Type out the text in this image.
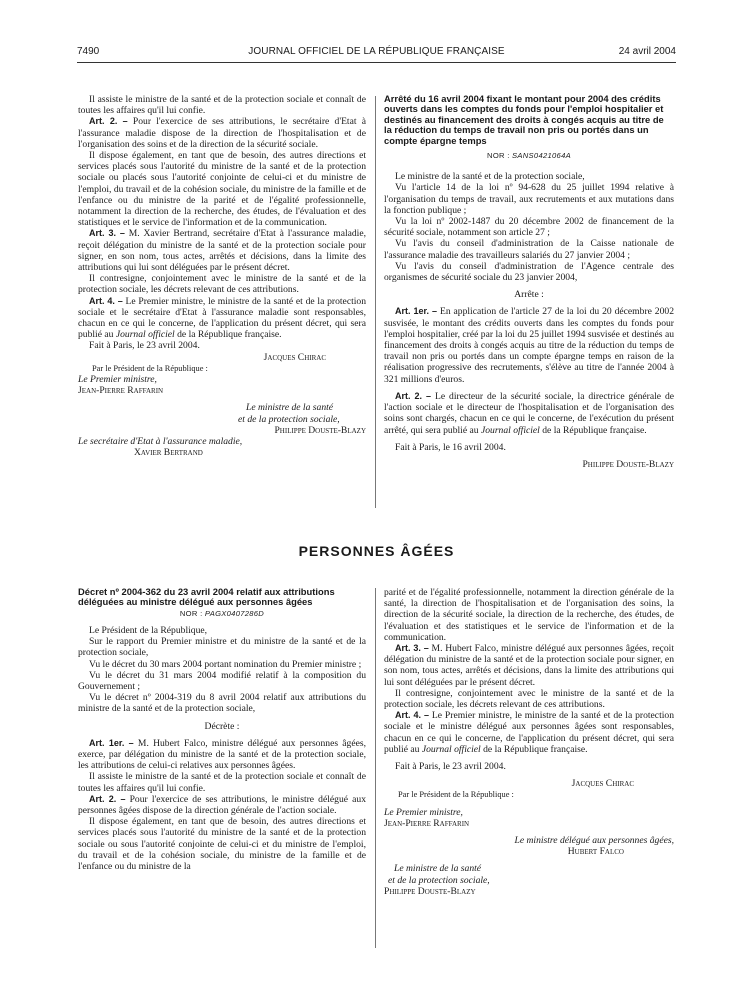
7490	JOURNAL OFFICIEL DE LA RÉPUBLIQUE FRANÇAISE	24 avril 2004

Il assiste le ministre de la santé et de la protection sociale et connaît de toutes les affaires qu'il lui confie.

Art. 2. – Pour l'exercice de ses attributions, le secrétaire d'Etat à l'assurance maladie dispose de la direction de l'hospitalisation et de l'organisation des soins et de la direction de la sécurité sociale.

Il dispose également, en tant que de besoin, des autres directions et services placés sous l'autorité du ministre de la santé et de la protection sociale ou placés sous l'autorité conjointe de celui-ci et du ministre de l'emploi, du travail et de la cohésion sociale, du ministre de la famille et de l'enfance ou du ministre de la parité et de l'égalité professionnelle, notamment la direction de la recherche, des études, de l'évaluation et des statistiques et le service de l'information et de la communication.

Art. 3. – M. Xavier Bertrand, secrétaire d'Etat à l'assurance maladie, reçoit délégation du ministre de la santé et de la protection sociale pour signer, en son nom, tous actes, arrêtés et décisions, dans la limite des attributions qui lui sont déléguées par le présent décret.

Il contresigne, conjointement avec le ministre de la santé et de la protection sociale, les décrets relevant de ces attributions.

Art. 4. – Le Premier ministre, le ministre de la santé et de la protection sociale et le secrétaire d'Etat à l'assurance maladie sont responsables, chacun en ce qui le concerne, de l'application du présent décret, qui sera publié au Journal officiel de la République française.

Fait à Paris, le 23 avril 2004.

Jacques Chirac

Par le Président de la République :

Le Premier ministre,

Jean-Pierre Raffarin

Le ministre de la santé

et de la protection sociale,

Philippe Douste-Blazy

Le secrétaire d'Etat à l'assurance maladie,

Xavier Bertrand

Arrêté du 16 avril 2004 fixant le montant pour 2004 des crédits ouverts dans les comptes du fonds pour l'emploi hospitalier et destinés au financement des droits à congés acquis au titre de la réduction du temps de travail non pris ou portés dans un compte épargne temps

NOR : SANS0421064A

Le ministre de la santé et de la protection sociale,

Vu l'article 14 de la loi nº 94-628 du 25 juillet 1994 relative à l'organisation du temps de travail, aux recrutements et aux mutations dans la fonction publique ;

Vu la loi nº 2002-1487 du 20 décembre 2002 de financement de la sécurité sociale, notamment son article 27 ;

Vu l'avis du conseil d'administration de la Caisse nationale de l'assurance maladie des travailleurs salariés du 27 janvier 2004 ;

Vu l'avis du conseil d'administration de l'Agence centrale des organismes de sécurité sociale du 23 janvier 2004,

Arrête :

Art. 1er. – En application de l'article 27 de la loi du 20 décembre 2002 susvisée, le montant des crédits ouverts dans les comptes du fonds pour l'emploi hospitalier, créé par la loi du 25 juillet 1994 susvisée et destinés au financement des droits à congés acquis au titre de la réduction du temps de travail non pris ou portés dans un compte épargne temps en raison de la réalisation progressive des recrutements, s'élève au titre de l'année 2004 à 321 millions d'euros.

Art. 2. – Le directeur de la sécurité sociale, la directrice générale de l'action sociale et le directeur de l'hospitalisation et de l'organisation des soins sont chargés, chacun en ce qui le concerne, de l'exécution du présent arrêté, qui sera publié au Journal officiel de la République française.

Fait à Paris, le 16 avril 2004.

Philippe Douste-Blazy

PERSONNES ÂGÉES

Décret nº 2004-362 du 23 avril 2004 relatif aux attributions déléguées au ministre délégué aux personnes âgées

NOR : PAGX0407286D

Le Président de la République,

Sur le rapport du Premier ministre et du ministre de la santé et de la protection sociale,

Vu le décret du 30 mars 2004 portant nomination du Premier ministre ;

Vu le décret du 31 mars 2004 modifié relatif à la composition du Gouvernement ;

Vu le décret nº 2004-319 du 8 avril 2004 relatif aux attributions du ministre de la santé et de la protection sociale,

Décrète :

Art. 1er. – M. Hubert Falco, ministre délégué aux personnes âgées, exerce, par délégation du ministre de la santé et de la protection sociale, les attributions de celui-ci relatives aux personnes âgées.

Il assiste le ministre de la santé et de la protection sociale et connaît de toutes les affaires qu'il lui confie.

Art. 2. – Pour l'exercice de ses attributions, le ministre délégué aux personnes âgées dispose de la direction générale de l'action sociale.

Il dispose également, en tant que de besoin, des autres directions et services placés sous l'autorité du ministre de la santé et de la protection sociale ou sous l'autorité conjointe de celui-ci et du ministre de l'emploi, du travail et de la cohésion sociale, du ministre de la famille et de l'enfance ou du ministre de la

parité et de l'égalité professionnelle, notamment la direction générale de la santé, la direction de l'hospitalisation et de l'organisation des soins, la direction de la sécurité sociale, la direction de la recherche, des études, de l'évaluation et des statistiques et le service de l'information et de la communication.

Art. 3. – M. Hubert Falco, ministre délégué aux personnes âgées, reçoit délégation du ministre de la santé et de la protection sociale pour signer, en son nom, tous actes, arrêtés et décisions, dans la limite des attributions qui lui sont déléguées par le présent décret.

Il contresigne, conjointement avec le ministre de la santé et de la protection sociale, les décrets relevant de ces attributions.

Art. 4. – Le Premier ministre, le ministre de la santé et de la protection sociale et le ministre délégué aux personnes âgées sont responsables, chacun en ce qui le concerne, de l'application du présent décret, qui sera publié au Journal officiel de la République française.

Fait à Paris, le 23 avril 2004.

Jacques Chirac

Par le Président de la République :

Le Premier ministre,

Jean-Pierre Raffarin

Le ministre délégué aux personnes âgées,

Hubert Falco

Le ministre de la santé

et de la protection sociale,

Philippe Douste-Blazy
